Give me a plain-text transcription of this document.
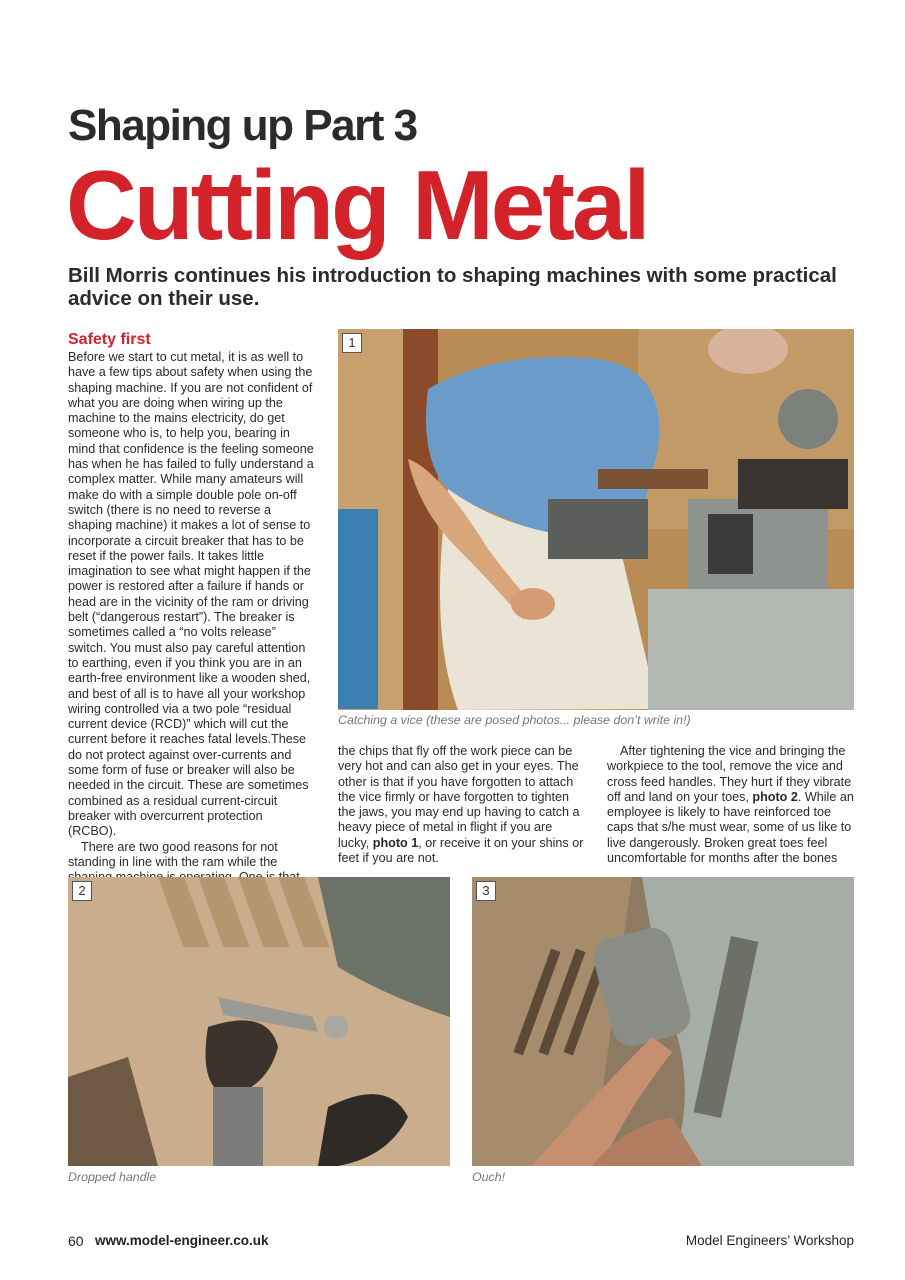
Shaping up Part 3
Cutting Metal
Bill Morris continues his introduction to shaping machines with some practical advice on their use.

Safety first

Before we start to cut metal, it is as well to have a few tips about safety when using the shaping machine. If you are not confident of what you are doing when wiring up the machine to the mains electricity, do get someone who is, to help you, bearing in mind that confidence is the feeling someone has when he has failed to fully understand a complex matter. While many amateurs will make do with a simple double pole on-off switch (there is no need to reverse a shaping machine) it makes a lot of sense to incorporate a circuit breaker that has to be reset if the power fails. It takes little imagination to see what might happen if the power is restored after a failure if hands or head are in the vicinity of the ram or driving belt (“dangerous restart”). The breaker is sometimes called a “no volts release” switch. You must also pay careful attention to earthing, even if you think you are in an earth-free environment like a wooden shed, and best of all is to have all your workshop wiring controlled via a two pole “residual current device (RCD)” which will cut the current before it reaches fatal levels.These do not protect against over-currents and some form of fuse or breaker will also be needed in the circuit. These are sometimes combined as a residual current-circuit breaker with overcurrent protection (RCBO).

There are two good reasons for not standing in line with the ram while the

1
Catching a vice (these are posed photos... please don’t write in!)

the chips that fly off the work piece can be very hot and can also get in your eyes. The other is that if you have forgotten to attach the vice firmly or have forgotten to tighten the jaws, you may end up having to catch a heavy piece of metal in flight if you are lucky, photo 1, or receive it on your shins or feet if you are not.

After tightening the vice and bringing the workpiece to the tool, remove the vice and cross feed handles. They hurt if they vibrate off and land on your toes, photo 2. While an employee is likely to have reinforced toe caps that s/he must wear, some of us like to live dangerously. Broken great toes feel uncomfortable for months after the bones

2
Dropped handle
3
Ouch!
60 www.model-engineer.co.uk	Model Engineers’ Workshop
